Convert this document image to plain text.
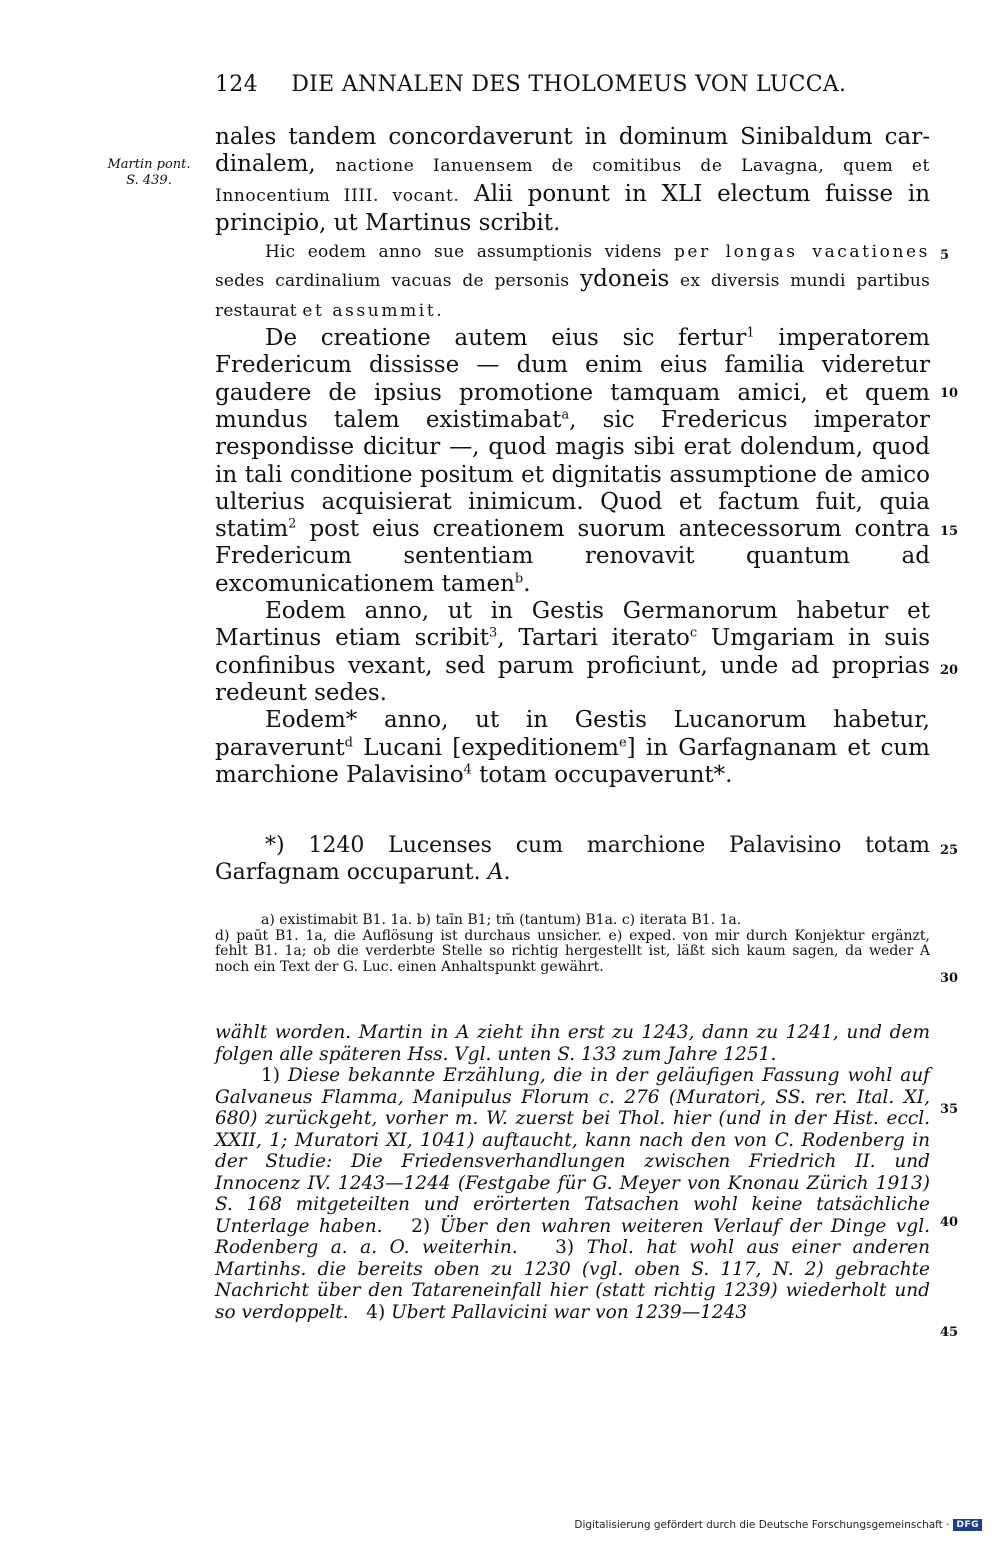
124 DIE ANNALEN DES THOLOMEUS VON LUCCA.
Martin pont.
S. 439.

nales tandem concordaverunt in dominum Sinibaldum car-dinalem, nactione Ianuensem de comitibus de Lavagna, quem et Innocentium IIII. vocant. Alii ponunt in XLI electum fuisse in principio, ut Martinus scribit.

Hic eodem anno sue assumptionis videns per longas vacationes sedes cardinalium vacuas de personis ydoneis ex diversis mundi partibus restaurat et assummit.

De creatione autem eius sic fertur$^1$ imperatorem Fredericum dississe — dum enim eius familia videretur gaudere de ipsius promotione tamquam amici, et quem mundus talem existimabat$^a$, sic Fredericus imperator respondisse dicitur —, quod magis sibi erat dolendum, quod in tali conditione positum et dignitatis assumptione de amico ulterius acquisierat inimicum. Quod et factum fuit, quia statim$^2$ post eius creationem suorum antecessorum contra Fredericum sententiam renovavit quantum ad excomunicationem tamen$^b$.

Eodem anno, ut in Gestis Germanorum habetur et Martinus etiam scribit$^3$, Tartari iterato$^c$ Umgariam in suis confinibus vexant, sed parum proficiunt, unde ad proprias redeunt sedes.

Eodem* anno, ut in Gestis Lucanorum habetur, paraverunt$^d$ Lucani [expeditionem$^e$] in Garfagnanam et cum marchione Palavisino$^4$ totam occupaverunt*.

*) 1240 Lucenses cum marchione Palavisino totam Garfagnam occuparunt. A.

a) existimabit B1. 1a. b) taīn B1; tm̄ (tantum) B1a. c) iterata B1. 1a.

d) paūt B1. 1a, die Auflösung ist durchaus unsicher. e) exped. von mir durch Konjektur ergänzt, fehlt B1. 1a; ob die verderbte Stelle so richtig hergestellt ist, läßt sich kaum sagen, da weder A noch ein Text der G. Luc. einen Anhaltspunkt gewährt.

wählt worden. Martin in A zieht ihn erst zu 1243, dann zu 1241, und dem folgen alle späteren Hss. Vgl. unten S. 133 zum Jahre 1251.

1) Diese bekannte Erzählung, die in der geläufigen Fassung wohl auf Galvaneus Flamma, Manipulus Florum c. 276 (Muratori, SS. rer. Ital. XI, 680) zurückgeht, vorher m. W. zuerst bei Thol. hier (und in der Hist. eccl. XXII, 1; Muratori XI, 1041) auftaucht, kann nach den von C. Rodenberg in der Studie: Die Friedensverhandlungen zwischen Friedrich II. und Innocenz IV. 1243—1244 (Festgabe für G. Meyer von Knonau Zürich 1913) S. 168 mitgeteilten und erörterten Tatsachen wohl keine tatsächliche Unterlage haben. 2) Über den wahren weiteren Verlauf der Dinge vgl. Rodenberg a. a. O. weiterhin. 3) Thol. hat wohl aus einer anderen Martinhs. die bereits oben zu 1230 (vgl. oben S. 117, N. 2) gebrachte Nachricht über den Tatareneinfall hier (statt richtig 1239) wiederholt und so verdoppelt. 4) Ubert Pallavicini war von 1239—1243

5
10
15
20
25
30
35
40
45
Digitalisierung gefördert durch die Deutsche Forschungsgemeinschaft · DFG
